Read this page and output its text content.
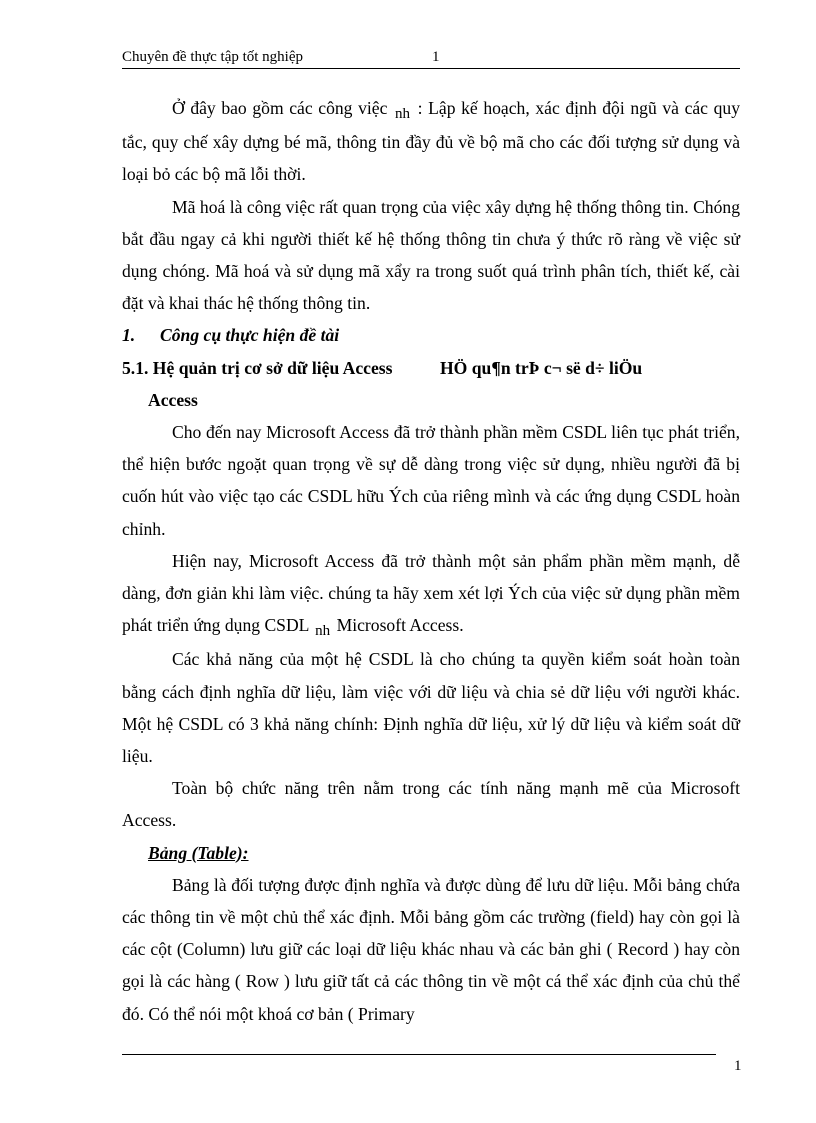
Chuyên đề thực tập tốt nghiệp	1

Ở đây bao gồm các công việc nh : Lập kế hoạch, xác định đội ngũ và các quy tắc, quy chế xây dựng bé mã, thông tin đầy đủ về bộ mã cho các đối tượng sử dụng và loại bỏ các bộ mã lỗi thời.

Mã hoá là công việc rất quan trọng của việc xây dựng hệ thống thông tin. Chóng bắt đầu ngay cả khi người thiết kế hệ thống thông tin chưa ý thức rõ ràng về việc sử dụng chóng. Mã hoá và sử dụng mã xẩy ra trong suốt quá trình phân tích, thiết kế, cài đặt và khai thác hệ thống thông tin.

1. Công cụ thực hiện đề tài

5.1. Hệ quản trị cơ sở dữ liệu Access	HÖ qu¶n trÞ c¬ së d÷ liÖu

Access

Cho đến nay Microsoft Access đã trở thành phần mềm CSDL liên tục phát triển, thể hiện bước ngoặt quan trọng về sự dễ dàng trong việc sử dụng, nhiều người đã bị cuốn hút vào việc tạo các CSDL hữu Ých của riêng mình và các ứng dụng CSDL hoàn chỉnh.

Hiện nay, Microsoft Access đã trở thành một sản phẩm phần mềm mạnh, dễ dàng, đơn giản khi làm việc. chúng ta hãy xem xét lợi Ých của việc sử dụng phần mềm phát triển ứng dụng CSDL nh Microsoft Access.

Các khả năng của một hệ CSDL là cho chúng ta quyền kiểm soát hoàn toàn bằng cách định nghĩa dữ liệu, làm việc với dữ liệu và chia sẻ dữ liệu với người khác. Một hệ CSDL có 3 khả năng chính: Định nghĩa dữ liệu, xử lý dữ liệu và kiểm soát dữ liệu.

Toàn bộ chức năng trên nằm trong các tính năng mạnh mẽ của Microsoft Access.

Bảng (Table):

Bảng là đối tượng được định nghĩa và được dùng để lưu dữ liệu. Mỗi bảng chứa các thông tin về một chủ thể xác định. Mỗi bảng gồm các trường (field) hay còn gọi là các cột (Column) lưu giữ các loại dữ liệu khác nhau và các bản ghi ( Record ) hay còn gọi là các hàng ( Row ) lưu giữ tất cả các thông tin về một cá thể xác định của chủ thể đó. Có thể nói một khoá cơ bản ( Primary

1
